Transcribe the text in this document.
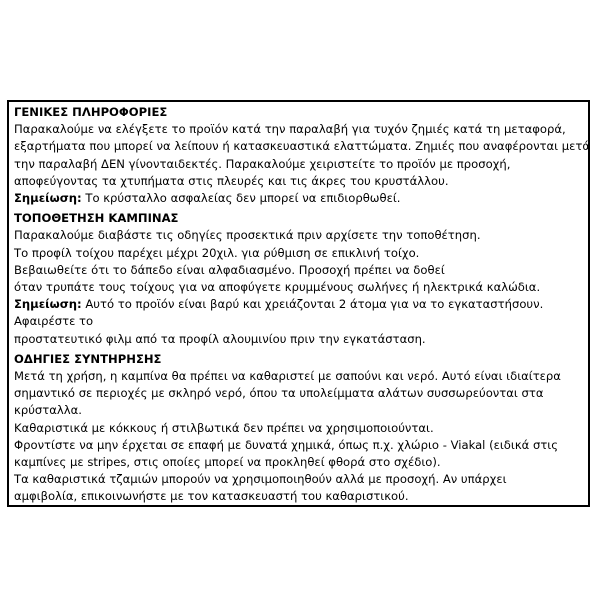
ΓΕΝΙΚΕΣ ΠΛΗΡΟΦΟΡΙΕΣ
Παρακαλούμε να ελέγξετε το προϊόν κατά την παραλαβή για τυχόν ζημιές κατά τη μεταφορά,
εξαρτήματα που μπορεί να λείπουν ή κατασκευαστικά ελαττώματα. Ζημιές που αναφέρονται μετά
την παραλαβή ΔΕΝ γίνονταιδεκτές. Παρακαλούμε χειριστείτε το προϊόν με προσοχή,
αποφεύγοντας τα χτυπήματα στις πλευρές και τις άκρες του κρυστάλλου.
Σημείωση: Το κρύσταλλο ασφαλείας δεν μπορεί να επιδιορθωθεί.
ΤΟΠΟΘΕΤΗΣΗ ΚΑΜΠΙΝΑΣ
Παρακαλούμε διαβάστε τις οδηγίες προσεκτικά πριν αρχίσετε την τοποθέτηση.
Το προφίλ τοίχου παρέχει μέχρι 20χιλ. για ρύθμιση σε επικλινή τοίχο.
Βεβαιωθείτε ότι το δάπεδο είναι αλφαδιασμένο. Προσοχή πρέπει να δοθεί
όταν τρυπάτε τους τοίχους για να αποφύγετε κρυμμένους σωλήνες ή ηλεκτρικά καλώδια.
Σημείωση: Αυτό το προϊόν είναι βαρύ και χρειάζονται 2 άτομα για να το εγκαταστήσουν.
Αφαιρέστε το
προστατευτικό φιλμ από τα προφίλ αλουμινίου πριν την εγκατάσταση.
ΟΔΗΓΙΕΣ ΣΥΝΤΗΡΗΣΗΣ
Μετά τη χρήση, η καμπίνα θα πρέπει να καθαριστεί με σαπούνι και νερό. Αυτό είναι ιδιαίτερα
σημαντικό σε περιοχές με σκληρό νερό, όπου τα υπολείμματα αλάτων συσσωρεύονται στα
κρύσταλλα.
Καθαριστικά με κόκκους ή στιλβωτικά δεν πρέπει να χρησιμοποιούνται.
Φροντίστε να μην έρχεται σε επαφή με δυνατά χημικά, όπως π.χ. χλώριο - Viakal (ειδικά στις
καμπίνες με stripes, στις οποίες μπορεί να προκληθεί φθορά στο σχέδιο).
Τα καθαριστικά τζαμιών μπορούν να χρησιμοποιηθούν αλλά με προσοχή. Αν υπάρχει
αμφιβολία, επικοινωνήστε με τον κατασκευαστή του καθαριστικού.
